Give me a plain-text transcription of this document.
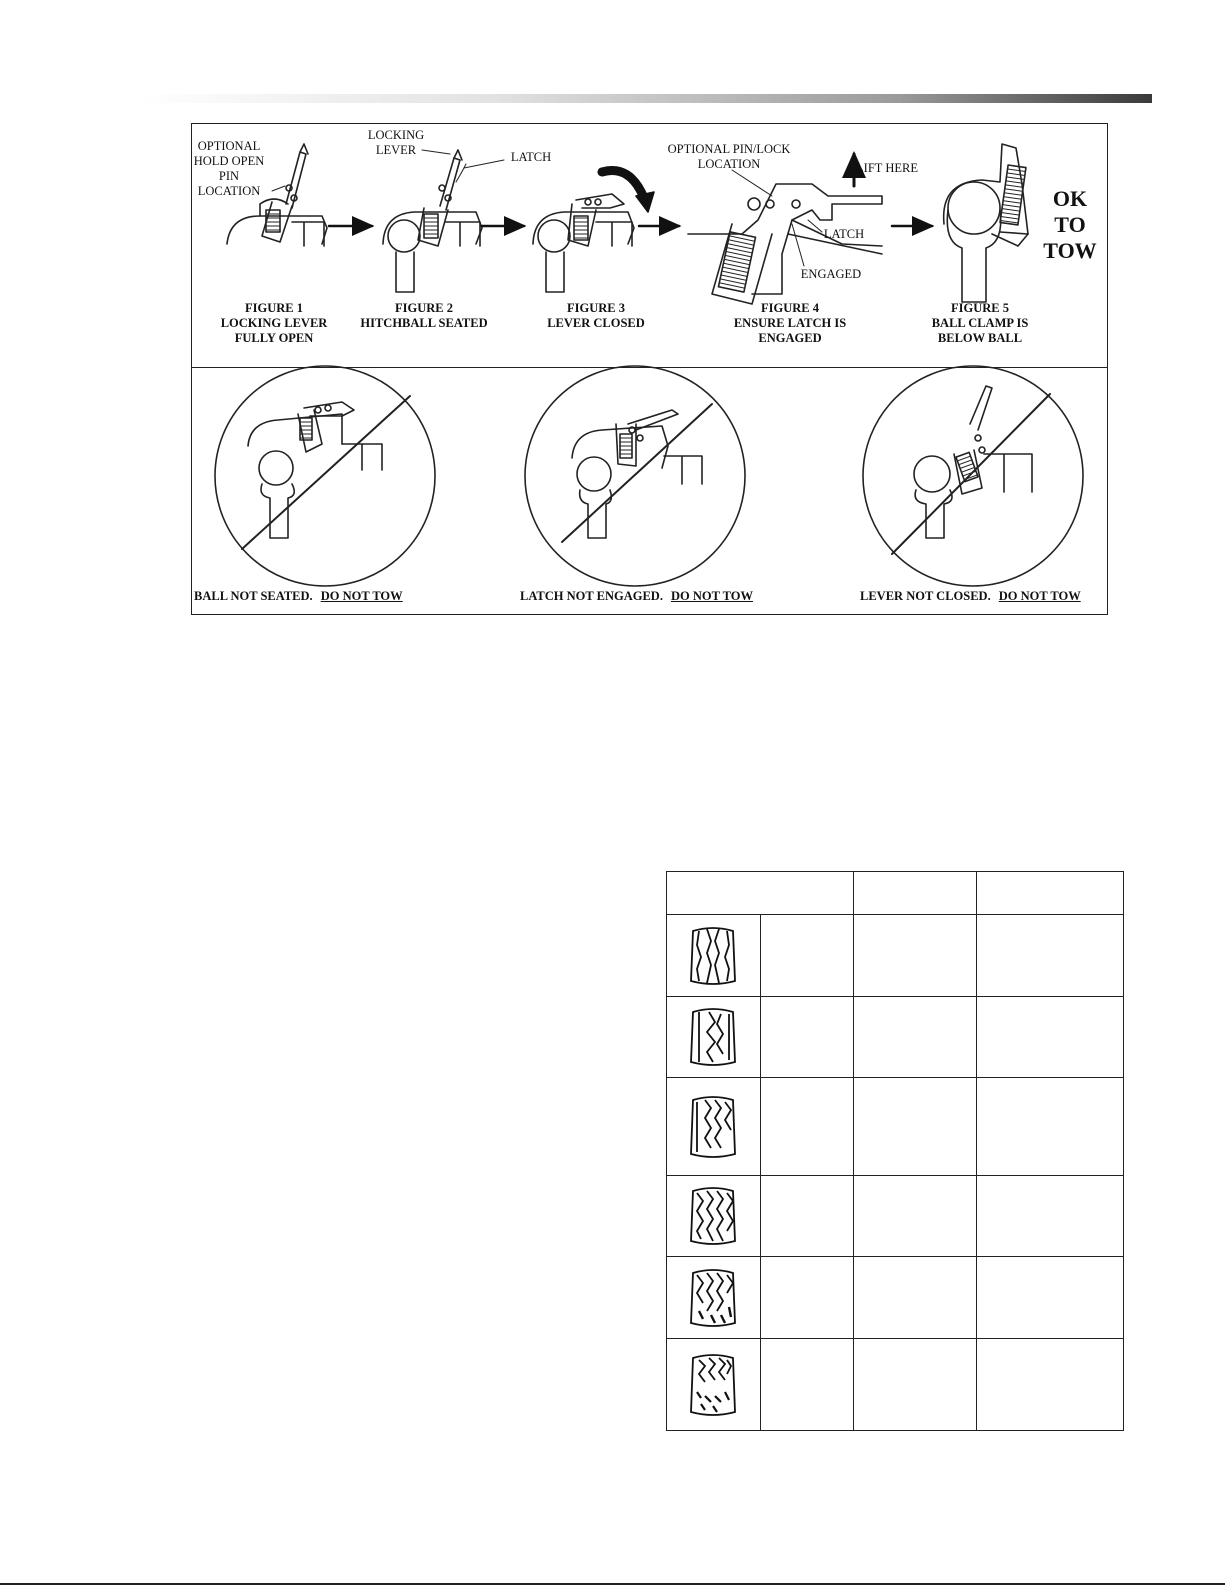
OPTIONAL
HOLD OPEN
PIN
LOCATION
LOCKING
LEVER	LATCH
OPTIONAL PIN/LOCK
LOCATION	LIFT HERE
LATCH
ENGAGED
OK
TO
TOW
FIGURE 1
LOCKING LEVER
FULLY OPEN
FIGURE 2
HITCHBALL SEATED
FIGURE 3
LEVER CLOSED
FIGURE 4
ENSURE LATCH IS
ENGAGED
FIGURE 5
BALL CLAMP IS
BELOW BALL
BALL NOT SEATED. DO NOT TOW	LATCH NOT ENGAGED. DO NOT TOW	LEVER NOT CLOSED. DO NOT TOW
